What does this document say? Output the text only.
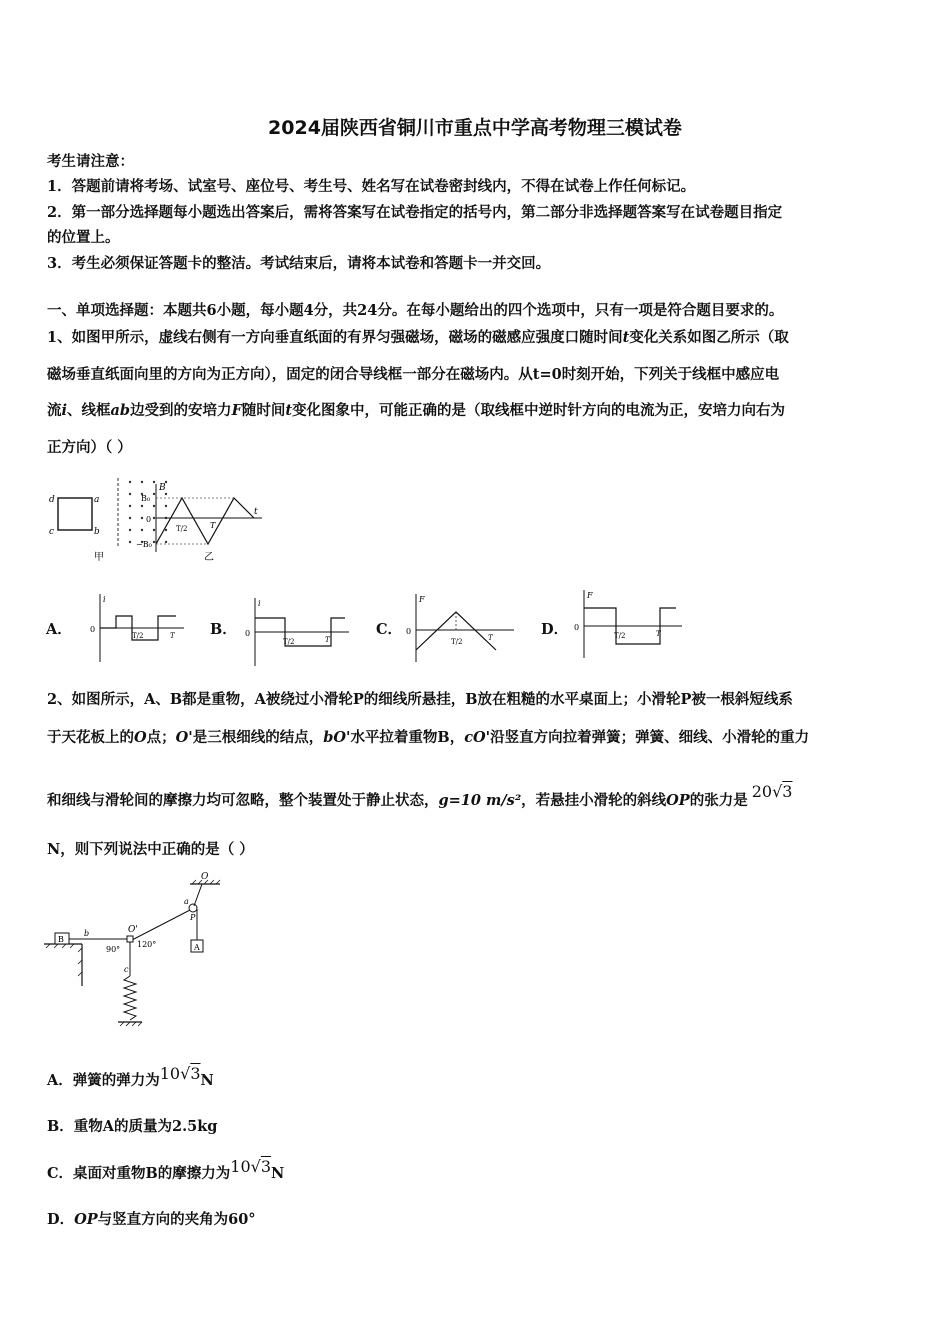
2024届陕西省铜川市重点中学高考物理三模试卷
考生请注意：
1．答题前请将考场、试室号、座位号、考生号、姓名写在试卷密封线内，不得在试卷上作任何标记。
2．第一部分选择题每小题选出答案后，需将答案写在试卷指定的括号内，第二部分非选择题答案写在试卷题目指定
的位置上。
3．考生必须保证答题卡的整洁。考试结束后，请将本试卷和答题卡一并交回。
一、单项选择题：本题共6小题，每小题4分，共24分。在每小题给出的四个选项中，只有一项是符合题目要求的。
1、如图甲所示，虚线右侧有一方向垂直纸面的有界匀强磁场，磁场的磁感应强度口随时间t变化关系如图乙所示（取
磁场垂直纸面向里的方向为正方向），固定的闭合导线框一部分在磁场内。从t=0时刻开始，下列关于线框中感应电
流i、线框ab边受到的安培力F随时间t变化图象中，可能正确的是（取线框中逆时针方向的电流为正，安培力向右为
正方向）（ ）
d	a
c	b
甲
B
B₀
0
−B₀
T/2	T
t
乙
A．
i
0
T/2	T B．
i
0
T/2	T
C．
F
0
T/2	T	D．
F
0
T/2	T
2、如图所示，A、B都是重物，A被绕过小滑轮P的细线所悬挂，B放在粗糙的水平桌面上；小滑轮P被一根斜短线系
于天花板上的O点；O'是三根细线的结点，bO'水平拉着重物B，cO'沿竖直方向拉着弹簧；弹簧、细线、小滑轮的重力
和细线与滑轮间的摩擦力均可忽略，整个装置处于静止状态，g=10 m/s²，若悬挂小滑轮的斜线OP的张力是 20√3
N，则下列说法中正确的是（ ）
O
a
P
A
B
b	O'
90°
120°
c
A．弹簧的弹力为10√3N
B．重物A的质量为2.5kg
C．桌面对重物B的摩擦力为10√3N
D．OP与竖直方向的夹角为60°
